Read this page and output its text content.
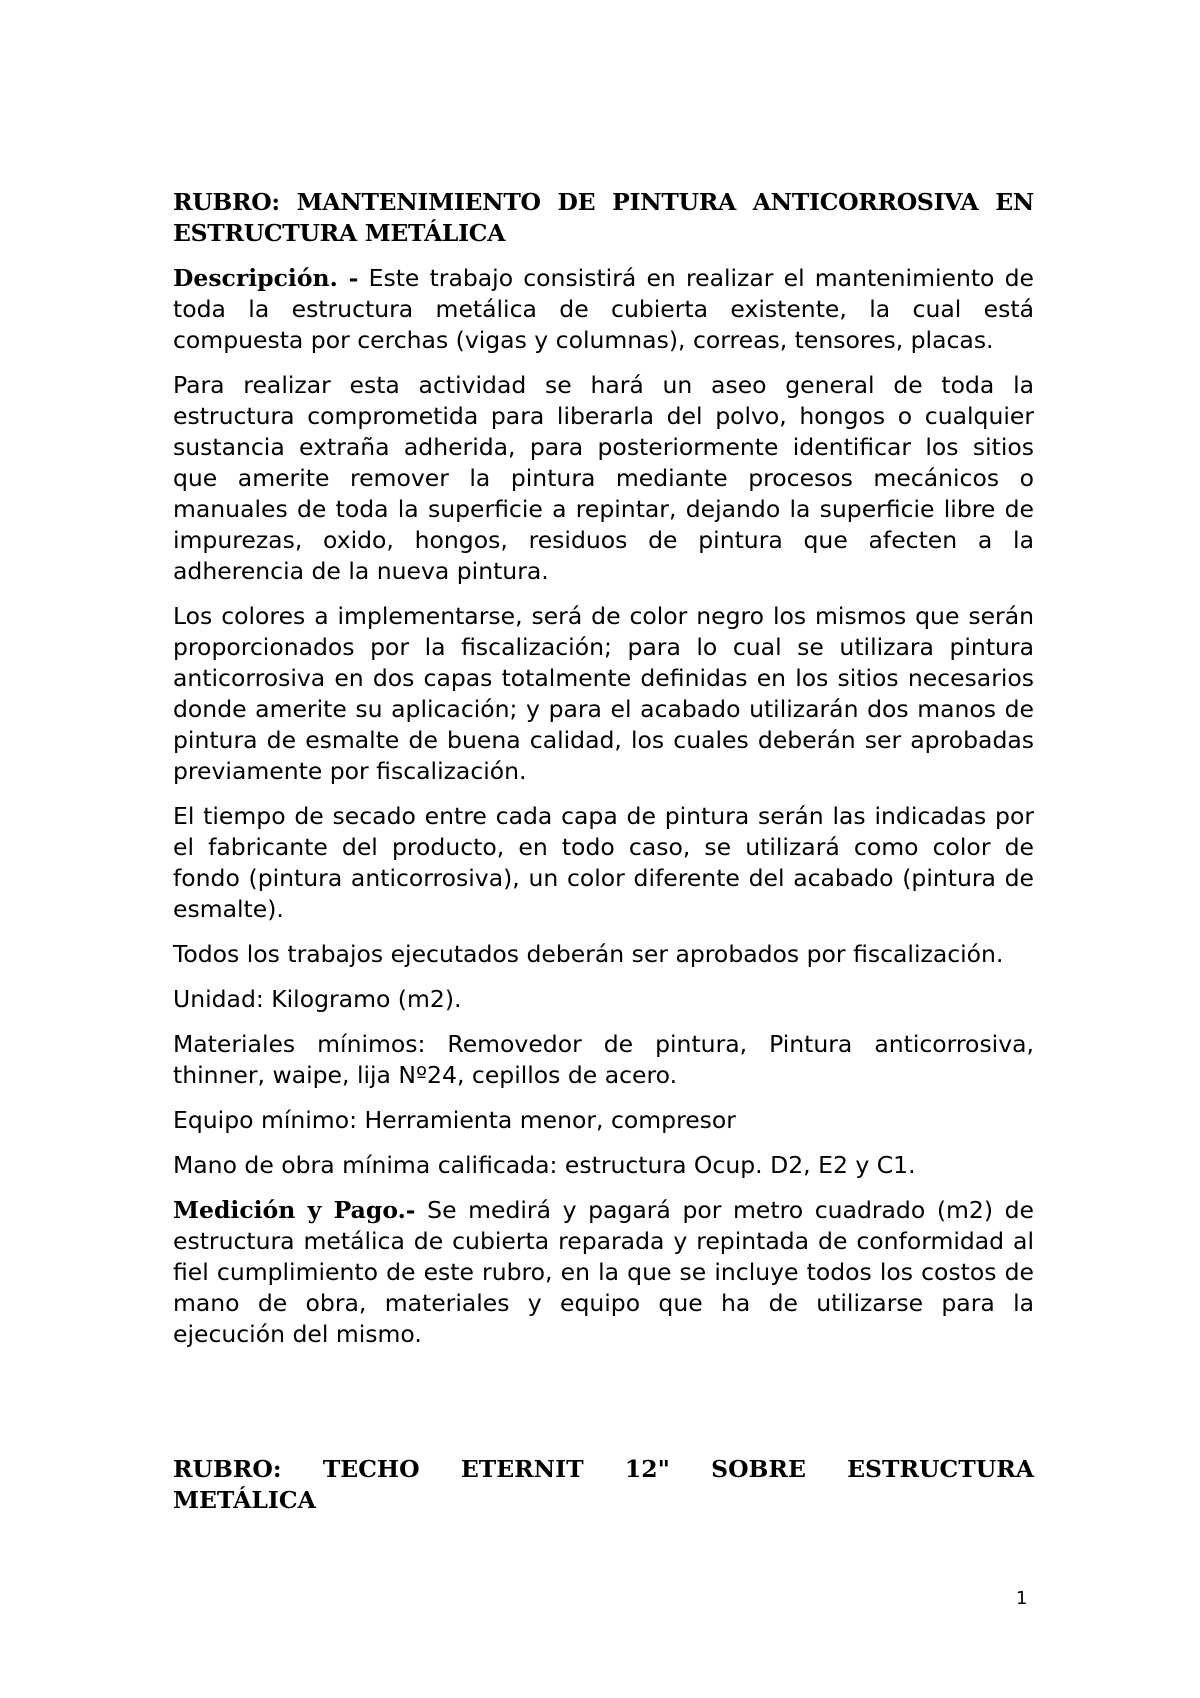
RUBRO: MANTENIMIENTO DE PINTURA ANTICORROSIVA EN ESTRUCTURA METÁLICA

Descripción. - Este trabajo consistirá en realizar el mantenimiento de toda la estructura metálica de cubierta existente, la cual está compuesta por cerchas (vigas y columnas), correas, tensores, placas.

Para realizar esta actividad se hará un aseo general de toda la estructura comprometida para liberarla del polvo, hongos o cualquier sustancia extraña adherida, para posteriormente identificar los sitios que amerite remover la pintura mediante procesos mecánicos o manuales de toda la superficie a repintar, dejando la superficie libre de impurezas, oxido, hongos, residuos de pintura que afecten a la adherencia de la nueva pintura.

Los colores a implementarse, será de color negro los mismos que serán proporcionados por la fiscalización; para lo cual se utilizara pintura anticorrosiva en dos capas totalmente definidas en los sitios necesarios donde amerite su aplicación; y para el acabado utilizarán dos manos de pintura de esmalte de buena calidad, los cuales deberán ser aprobadas previamente por fiscalización.

El tiempo de secado entre cada capa de pintura serán las indicadas por el fabricante del producto, en todo caso, se utilizará como color de fondo (pintura anticorrosiva), un color diferente del acabado (pintura de esmalte).

Todos los trabajos ejecutados deberán ser aprobados por fiscalización.

Unidad: Kilogramo (m2).

Materiales mínimos: Removedor de pintura, Pintura anticorrosiva, thinner, waipe, lija Nº24, cepillos de acero.

Equipo mínimo: Herramienta menor, compresor

Mano de obra mínima calificada: estructura Ocup. D2, E2 y C1.

Medición y Pago.- Se medirá y pagará por metro cuadrado (m2) de estructura metálica de cubierta reparada y repintada de conformidad al fiel cumplimiento de este rubro, en la que se incluye todos los costos de mano de obra, materiales y equipo que ha de utilizarse para la ejecución del mismo.

RUBRO: TECHO ETERNIT 12" SOBRE ESTRUCTURA
METÁLICA
1
